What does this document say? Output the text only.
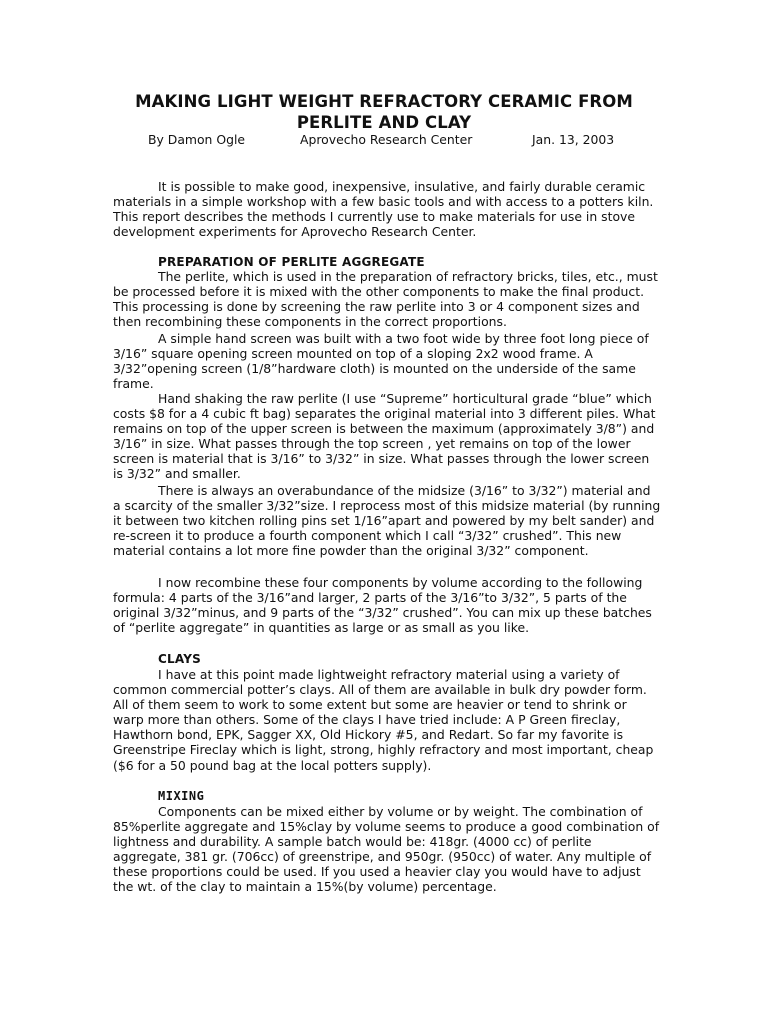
MAKING LIGHT WEIGHT REFRACTORY CERAMIC FROM PERLITE AND CLAY
By Damon Ogle	Aprovecho Research Center	Jan. 13, 2003

It is possible to make good, inexpensive, insulative, and fairly durable ceramic materials in a simple workshop with a few basic tools and with access to a potters kiln. This report describes the methods I currently use to make materials for use in stove development experiments for Aprovecho Research Center.

PREPARATION OF PERLITE AGGREGATE

The perlite, which is used in the preparation of refractory bricks, tiles, etc., must be processed before it is mixed with the other components to make the final product. This processing is done by screening the raw perlite into 3 or 4 component sizes and then recombining these components in the correct proportions.

A simple hand screen was built with a two foot wide by three foot long piece of 3/16” square opening screen mounted on top of a sloping 2x2 wood frame. A 3/32”opening screen (1/8”hardware cloth) is mounted on the underside of the same frame.

Hand shaking the raw perlite (I use “Supreme” horticultural grade “blue” which costs $8 for a 4 cubic ft bag) separates the original material into 3 different piles. What remains on top of the upper screen is between the maximum (approximately 3/8”) and 3/16” in size. What passes through the top screen , yet remains on top of the lower screen is material that is 3/16” to 3/32” in size. What passes through the lower screen is 3/32” and smaller.

There is always an overabundance of the midsize (3/16” to 3/32”) material and a scarcity of the smaller 3/32”size. I reprocess most of this midsize material (by running it between two kitchen rolling pins set 1/16”apart and powered by my belt sander) and re-screen it to produce a fourth component which I call “3/32” crushed”. This new material contains a lot more fine powder than the original 3/32” component.

I now recombine these four components by volume according to the following formula: 4 parts of the 3/16”and larger, 2 parts of the 3/16”to 3/32”, 5 parts of the original 3/32”minus, and 9 parts of the “3/32” crushed”. You can mix up these batches of “perlite aggregate” in quantities as large or as small as you like.

CLAYS

I have at this point made lightweight refractory material using a variety of common commercial potter’s clays. All of them are available in bulk dry powder form. All of them seem to work to some extent but some are heavier or tend to shrink or warp more than others. Some of the clays I have tried include: A P Green fireclay, Hawthorn bond, EPK, Sagger XX, Old Hickory #5, and Redart. So far my favorite is Greenstripe Fireclay which is light, strong, highly refractory and most important, cheap ($6 for a 50 pound bag at the local potters supply).

MIXING

Components can be mixed either by volume or by weight. The combination of 85%perlite aggregate and 15%clay by volume seems to produce a good combination of lightness and durability. A sample batch would be: 418gr. (4000 cc) of perlite aggregate, 381 gr. (706cc) of greenstripe, and 950gr. (950cc) of water. Any multiple of these proportions could be used. If you used a heavier clay you would have to adjust the wt. of the clay to maintain a 15%(by volume) percentage.
